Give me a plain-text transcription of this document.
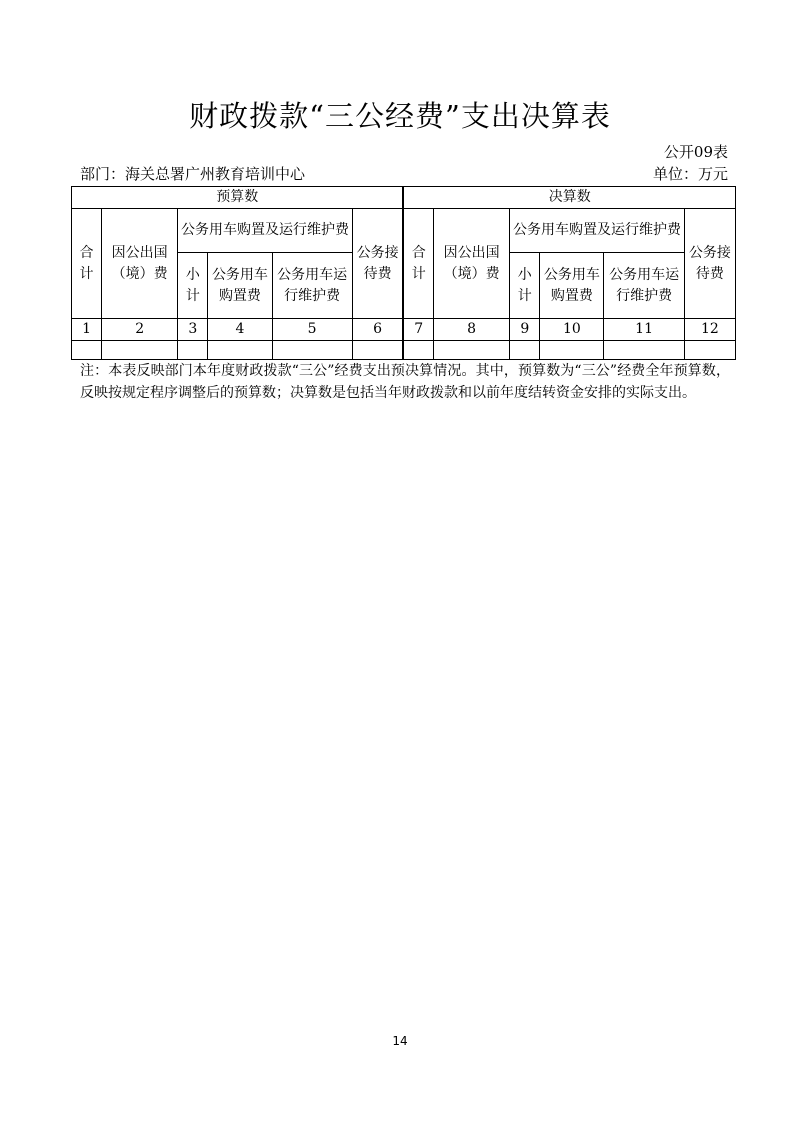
财政拨款“三公经费”支出决算表
公开09表
部门：海关总署广州教育培训中心	单位：万元
预算数						决算数					
合计	因公出国（境）费	公务用车购置及运行维护费			公务接待费	合计	因公出国（境）费	公务用车购置及运行维护费			公务接待费
		小计	公务用车购置费	公务用车运行维护费				小计	公务用车购置费	公务用车运行维护费	
1	2	3	4	5	6	7	8	9	10	11	12

注：本表反映部门本年度财政拨款“三公”经费支出预决算情况。其中，预算数为“三公”经费全年预算数，反映按规定程序调整后的预算数；决算数是包括当年财政拨款和以前年度结转资金安排的实际支出。
14
